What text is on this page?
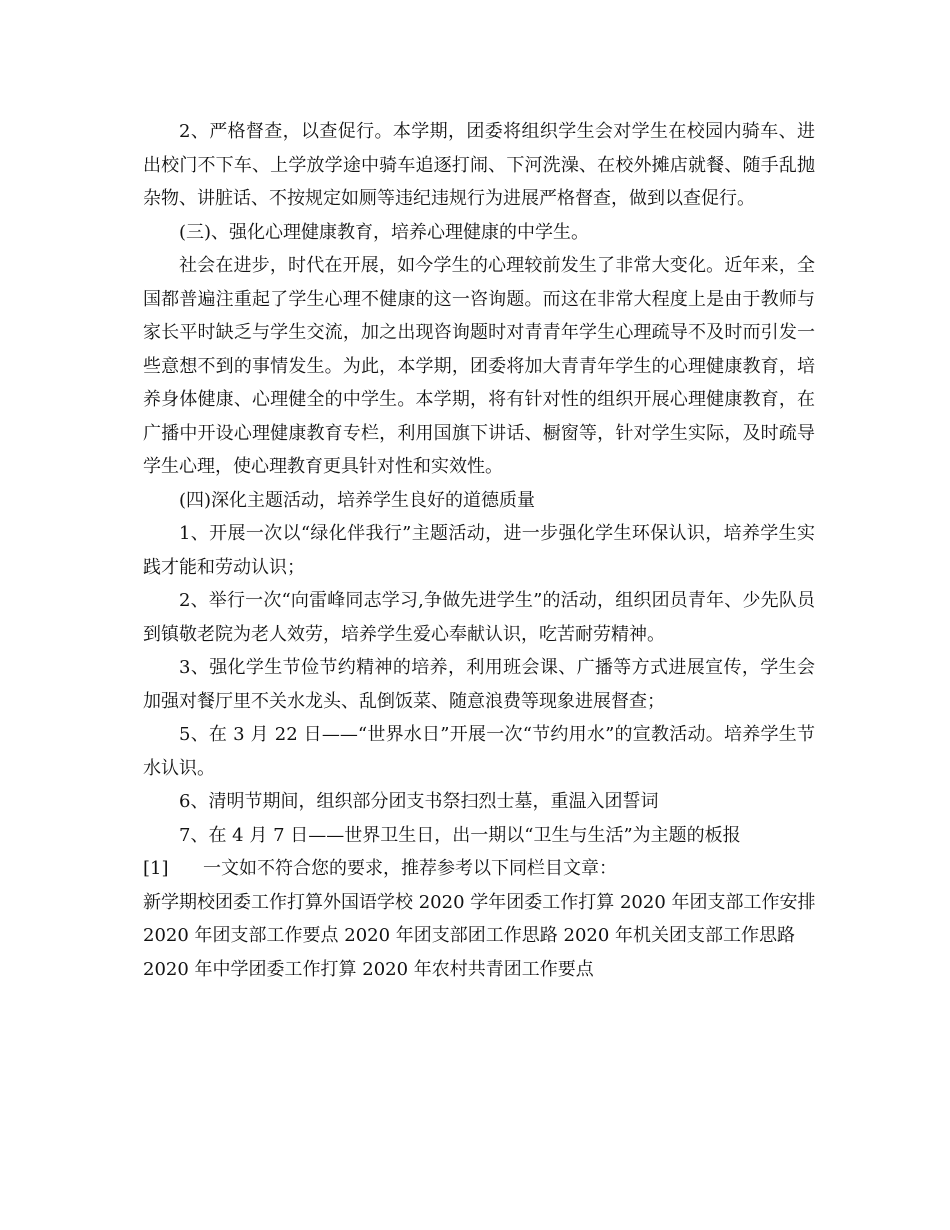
2、严格督查，以查促行。本学期，团委将组织学生会对学生在校园内骑车、进出校门不下车、上学放学途中骑车追逐打闹、下河洗澡、在校外摊店就餐、随手乱抛杂物、讲脏话、不按规定如厕等违纪违规行为进展严格督查，做到以查促行。

(三)、强化心理健康教育，培养心理健康的中学生。

社会在进步，时代在开展，如今学生的心理较前发生了非常大变化。近年来，全国都普遍注重起了学生心理不健康的这一咨询题。而这在非常大程度上是由于教师与家长平时缺乏与学生交流，加之出现咨询题时对青青年学生心理疏导不及时而引发一些意想不到的事情发生。为此，本学期，团委将加大青青年学生的心理健康教育，培养身体健康、心理健全的中学生。本学期，将有针对性的组织开展心理健康教育，在广播中开设心理健康教育专栏，利用国旗下讲话、橱窗等，针对学生实际，及时疏导学生心理，使心理教育更具针对性和实效性。

(四)深化主题活动，培养学生良好的道德质量

1、开展一次以“绿化伴我行”主题活动，进一步强化学生环保认识，培养学生实践才能和劳动认识；

2、举行一次“向雷峰同志学习,争做先进学生”的活动，组织团员青年、少先队员到镇敬老院为老人效劳，培养学生爱心奉献认识，吃苦耐劳精神。

3、强化学生节俭节约精神的培养，利用班会课、广播等方式进展宣传，学生会加强对餐厅里不关水龙头、乱倒饭菜、随意浪费等现象进展督查；

5、在 3 月 22 日——“世界水日”开展一次“节约用水”的宣教活动。培养学生节水认识。

6、清明节期间，组织部分团支书祭扫烈士墓，重温入团誓词

7、在 4 月 7 日——世界卫生日，出一期以“卫生与生活”为主题的板报

[1] 一文如不符合您的要求，推荐参考以下同栏目文章：

新学期校团委工作打算外国语学校 2020 学年团委工作打算 2020 年团支部工作安排
2020 年团支部工作要点 2020 年团支部团工作思路 2020 年机关团支部工作思路
2020 年中学团委工作打算 2020 年农村共青团工作要点
